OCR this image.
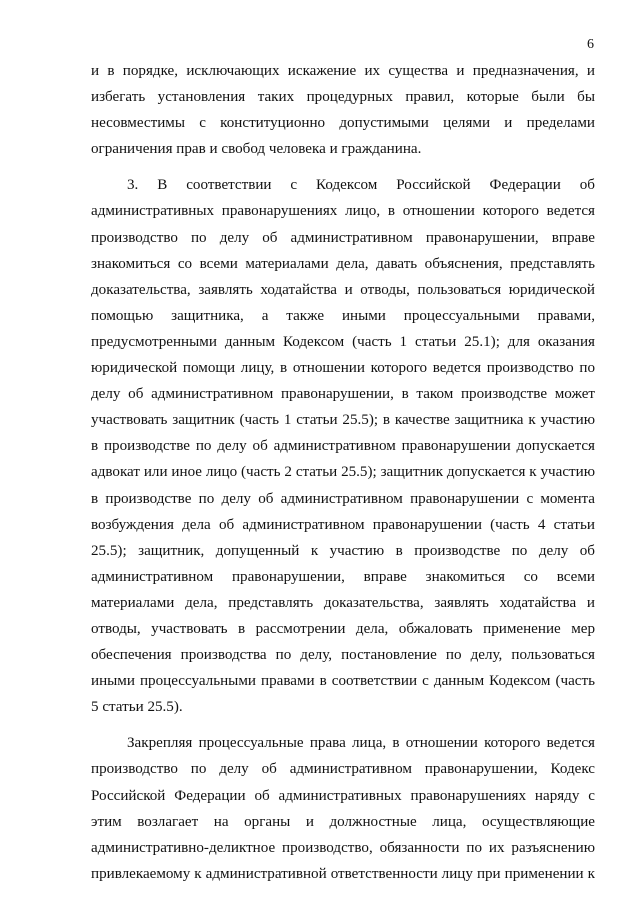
6
и в порядке, исключающих искажение их существа и предназначения, и
избегать установления таких процедурных правил, которые были бы
несовместимы с конституционно допустимыми целями и пределами
ограничения прав и свобод человека и гражданина.
3. В соответствии с Кодексом Российской Федерации об
административных правонарушениях лицо, в отношении которого ведется
производство по делу об административном правонарушении, вправе
знакомиться со всеми материалами дела, давать объяснения, представлять
доказательства, заявлять ходатайства и отводы, пользоваться юридической
помощью защитника, а также иными процессуальными правами,
предусмотренными данным Кодексом (часть 1 статьи 25.1); для оказания
юридической помощи лицу, в отношении которого ведется производство по
делу об административном правонарушении, в таком производстве может
участвовать защитник (часть 1 статьи 25.5); в качестве защитника к участию
в производстве по делу об административном правонарушении допускается
адвокат или иное лицо (часть 2 статьи 25.5); защитник допускается к участию
в производстве по делу об административном правонарушении с момента
возбуждения дела об административном правонарушении (часть 4 статьи
25.5); защитник, допущенный к участию в производстве по делу об
административном правонарушении, вправе знакомиться со всеми
материалами дела, представлять доказательства, заявлять ходатайства и
отводы, участвовать в рассмотрении дела, обжаловать применение мер
обеспечения производства по делу, постановление по делу, пользоваться
иными процессуальными правами в соответствии с данным Кодексом (часть
5 статьи 25.5).
Закрепляя процессуальные права лица, в отношении которого ведется
производство по делу об административном правонарушении, Кодекс
Российской Федерации об административных правонарушениях наряду с
этим возлагает на органы и должностные лица, осуществляющие
административно-деликтное производство, обязанности по их разъяснению
привлекаемому к административной ответственности лицу при применении к
